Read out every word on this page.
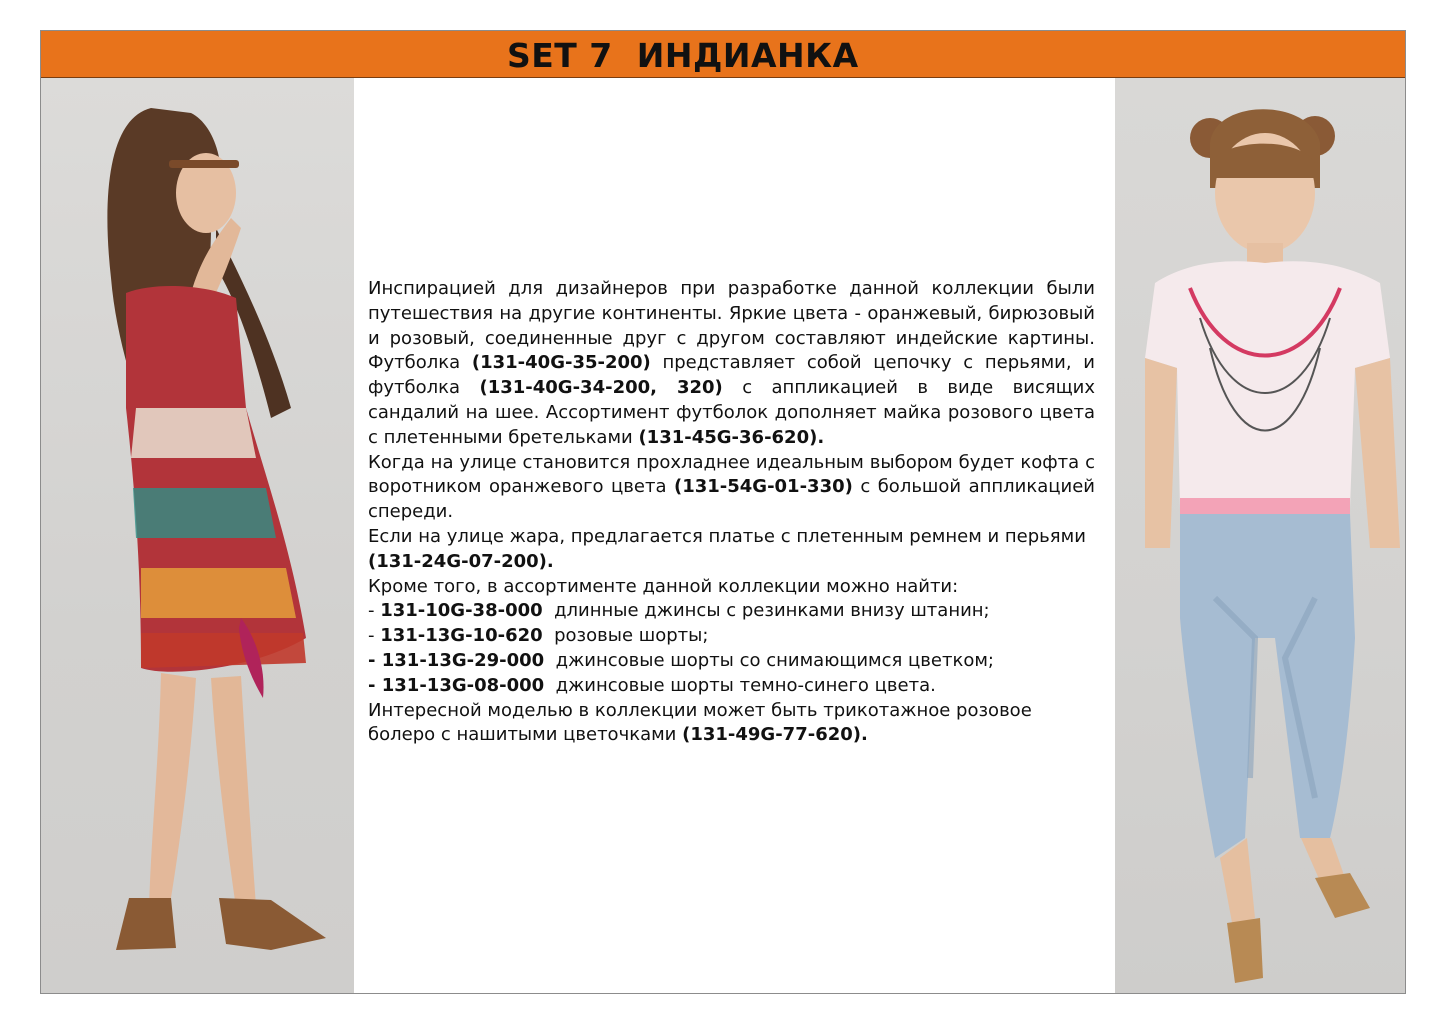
SET 7  ИНДИАНКА

Инспирацией для дизайнеров при разработке данной коллекции были путешествия на другие континенты. Яркие цвета - оранжевый, бирюзовый и розовый, соединенные друг с другом составляют индейские картины. Футболка (131-40G-35-200) представляет собой цепочку с перьями, и футболка (131-40G-34-200, 320) с аппликацией в виде висящих сандалий на шее. Ассортимент футболок дополняет майка розового цвета с плетенными бретельками (131-45G-36-620).

Когда на улице становится прохладнее идеальным выбором будет кофта с воротником оранжевого цвета (131-54G-01-330) с большой аппликацией спереди.

Если на улице жара, предлагается платье с плетенным ремнем и перьями (131-24G-07-200).

Кроме того, в ассортименте данной коллекции можно найти:

- 131-10G-38-000  длинные джинсы с резинками внизу штанин;
- 131-13G-10-620  розовые шорты;
- 131-13G-29-000  джинсовые шорты со снимающимся цветком;
- 131-13G-08-000  джинсовые шорты темно-синего цвета.

Интересной моделью в коллекции может быть трикотажное розовое болеро с нашитыми цветочками (131-49G-77-620).
